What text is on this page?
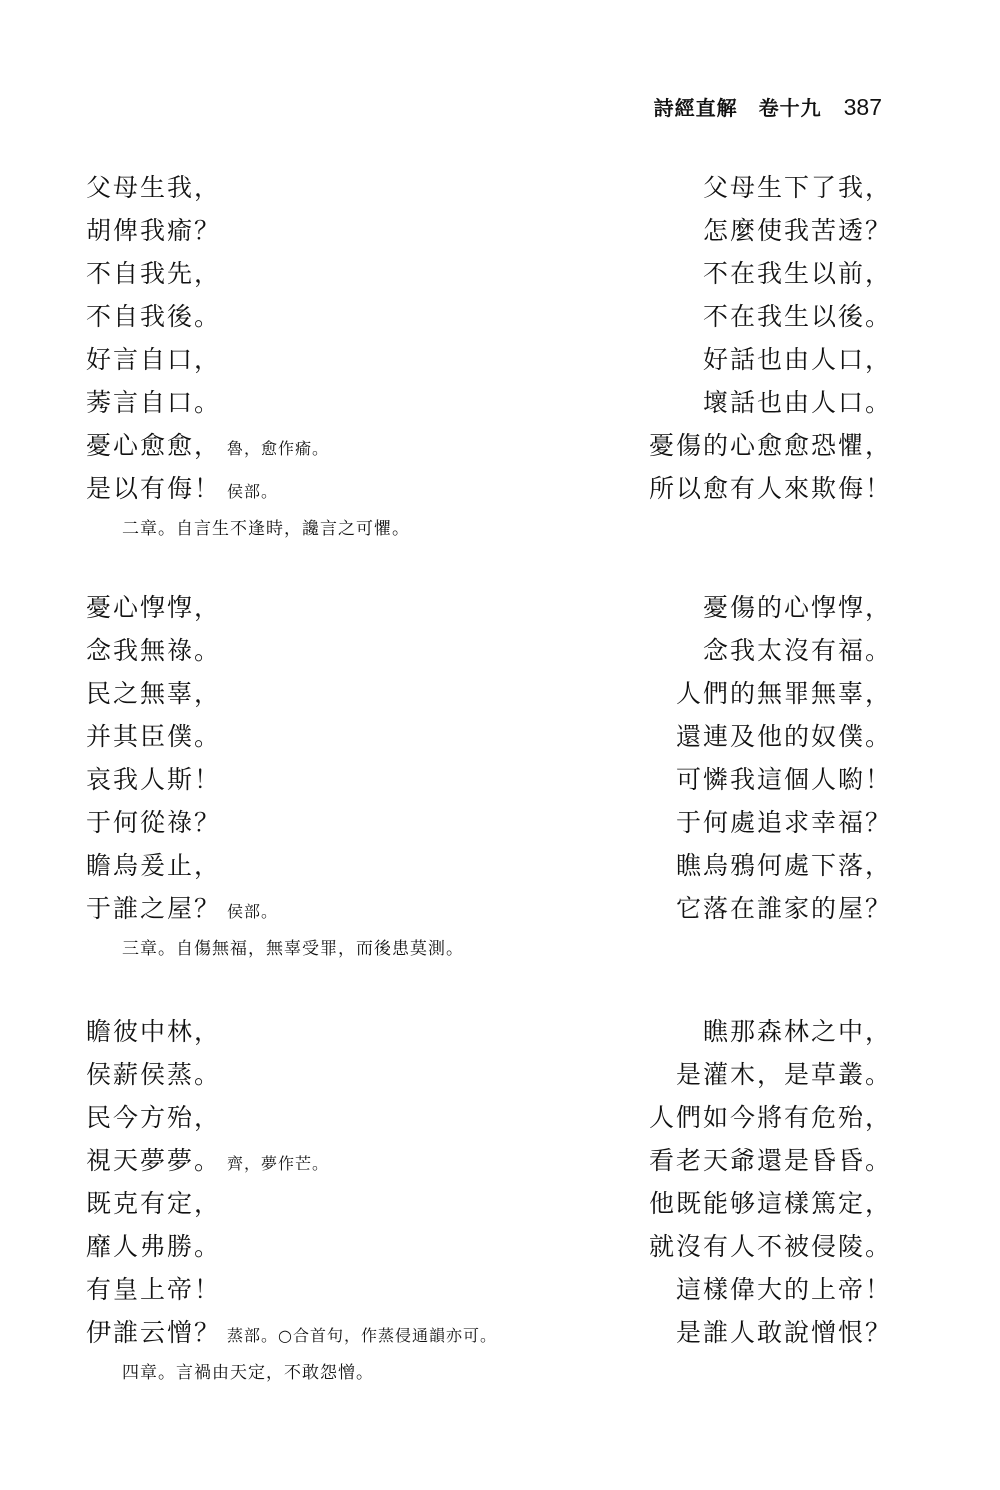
詩經直解　卷十九 387
父母生我，	父母生下了我，
胡俾我瘉？	怎麼使我苦透？
不自我先，	不在我生以前，
不自我後。	不在我生以後。
好言自口，	好話也由人口，
莠言自口。	壞話也由人口。
憂心愈愈， 魯，愈作瘉。	憂傷的心愈愈恐懼，
是以有侮！ 侯部。	所以愈有人來欺侮！
二章。自言生不逢時，讒言之可懼。
憂心惸惸，	憂傷的心惸惸，
念我無祿。	念我太沒有福。
民之無辜，	人們的無罪無辜，
并其臣僕。	還連及他的奴僕。
哀我人斯！	可憐我這個人喲！
于何從祿？	于何處追求幸福？
瞻烏爰止，	瞧烏鴉何處下落，
于誰之屋？ 侯部。	它落在誰家的屋？
三章。自傷無福，無辜受罪，而後患莫測。
瞻彼中林，	瞧那森林之中，
侯薪侯蒸。	是灌木，是草叢。
民今方殆，	人們如今將有危殆，
視天夢夢。 齊，夢作芒。	看老天爺還是昏昏。
既克有定，	他既能够這樣篤定，
靡人弗勝。	就沒有人不被侵陵。
有皇上帝！	這樣偉大的上帝！
伊誰云憎？ 蒸部。○合首句，作蒸侵通韻亦可。	是誰人敢說憎恨？
四章。言禍由天定，不敢怨憎。
